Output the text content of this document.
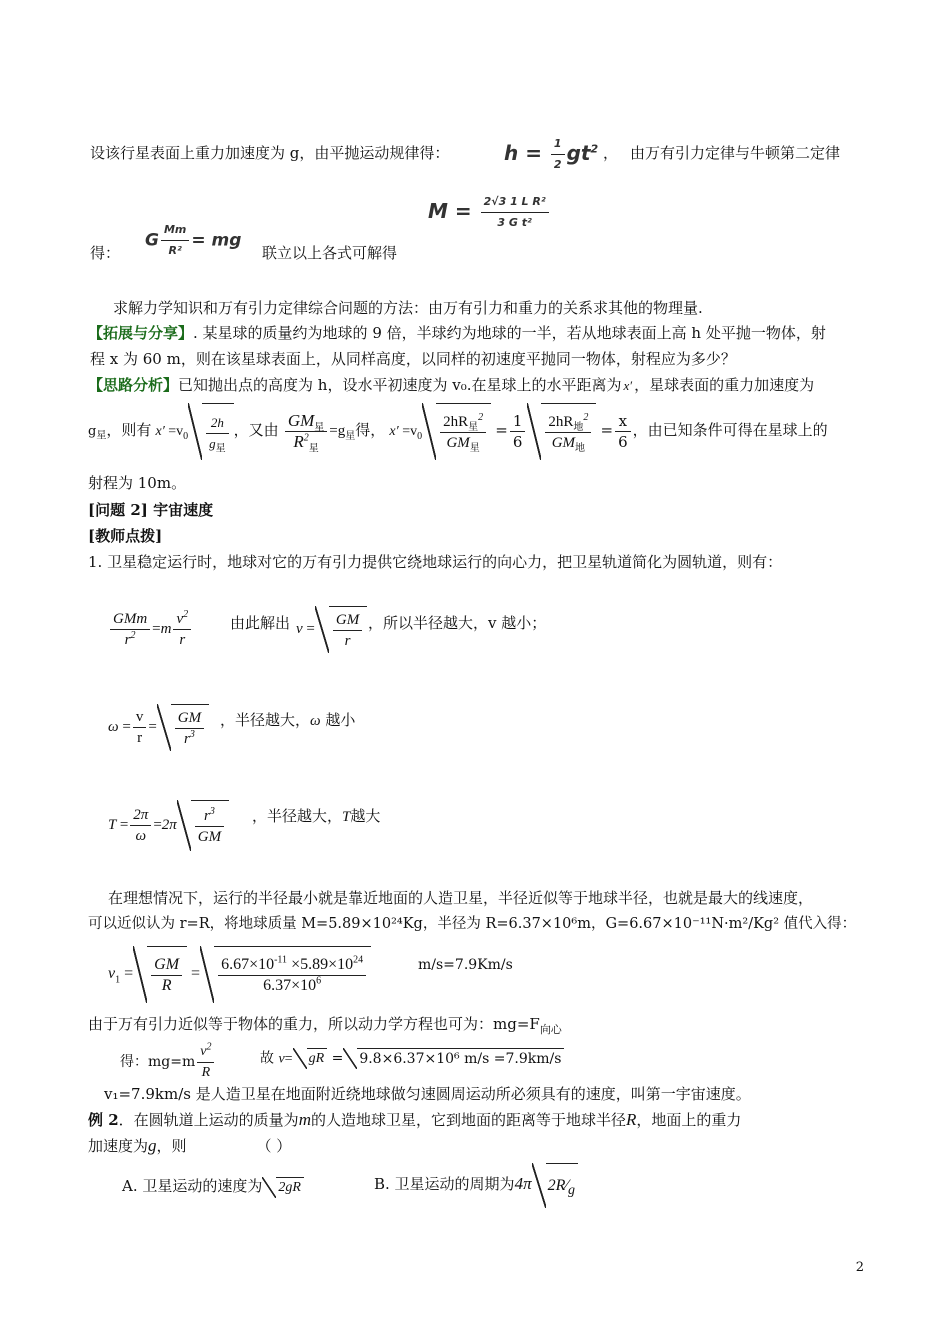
设该行星表面上重力加速度为 g，由平抛运动规律得：	$h = \frac{1}{2} gt^2$ ， 由万有引力定律与牛顿第二定律
得：
G $\frac{Mm}{\text{R²}}$ = mg
联立以上各式可解得
$M = \frac{\text{2√3 1 L R²}}{\text{3 G t²}}$
求解力学知识和万有引力定律综合问题的方法：由万有引力和重力的关系求其他的物理量.
【拓展与分享】. 某星球的质量约为地球的 9 倍，半球约为地球的一半，若从地球表面上高 h 处平抛一物体，射
程 x 为 60 m，则在该星球表面上，从同样高度，以同样的初速度平抛同一物体，射程应为多少？
【思路分析】已知抛出点的高度为 h，设水平初速度为 v₀.在星球上的水平距离为 x′ ，星球表面的重力加速度为
$g_星$，则有 $x' =v_0 \frac{2h}{g_星}$ ，又由 $\frac{GM_星}{R^2_星} =g_星$得， $x' =v_0 \frac{2hR_星^2}{GM_星} = \frac{1}{6} \frac{2hR_地^2}{GM_地} = \frac{x}{6}$ ，由已知条件可得在星球上的
射程为 10m。
[问题 2] 宇宙速度
[教师点拨]
1. 卫星稳定运行时，地球对它的万有引力提供它绕地球运行的向心力，把卫星轨道简化为圆轨道，则有：
$\frac{\text{GMm}}{r^2} =m \frac{v^2}{r}$	由此解出 $v = \frac{GM}{r}$ ，所以半径越大，v 越小；
$\omega = \frac{v}{r} = \frac{GM}{r^3}$ ，半径越大，ω 越小
$T = \frac{2\pi}{\omega} =2\pi \frac{r^3}{GM}$ ，半径越大，T越大
在理想情况下，运行的半径最小就是靠近地面的人造卫星，半径近似等于地球半径，也就是最大的线速度，
可以近似认为 r=R，将地球质量 M=5.89×10²⁴Kg，半径为 R=6.37×10⁶m，G=6.67×10⁻¹¹N·m²/Kg² 值代入得：
$v_1 = \frac{GM}{R} = \frac{6.67\times 10^{-11} \times 5.89\times 10^{24}}{6.37\times 10^6}$	m/s=7.9Km/s
由于万有引力近似等于物体的重力，所以动力学方程也可为：$mg=F_{向心}$
得：$mg=m \frac{v^2}{R}$	故 v= gR = 9.8×6.37×10⁶ m/s =7.9km/s
v₁=7.9km/s 是人造卫星在地面附近绕地球做匀速圆周运动所必须具有的速度，叫第一宇宙速度。
例 2．在圆轨道上运动的质量为m的人造地球卫星，它到地面的距离等于地球半径R，地面上的重力
加速度为g，则	（ ）
A. 卫星运动的速度为 2gR	B. 卫星运动的周期为4π $2R⁄_g$
2
